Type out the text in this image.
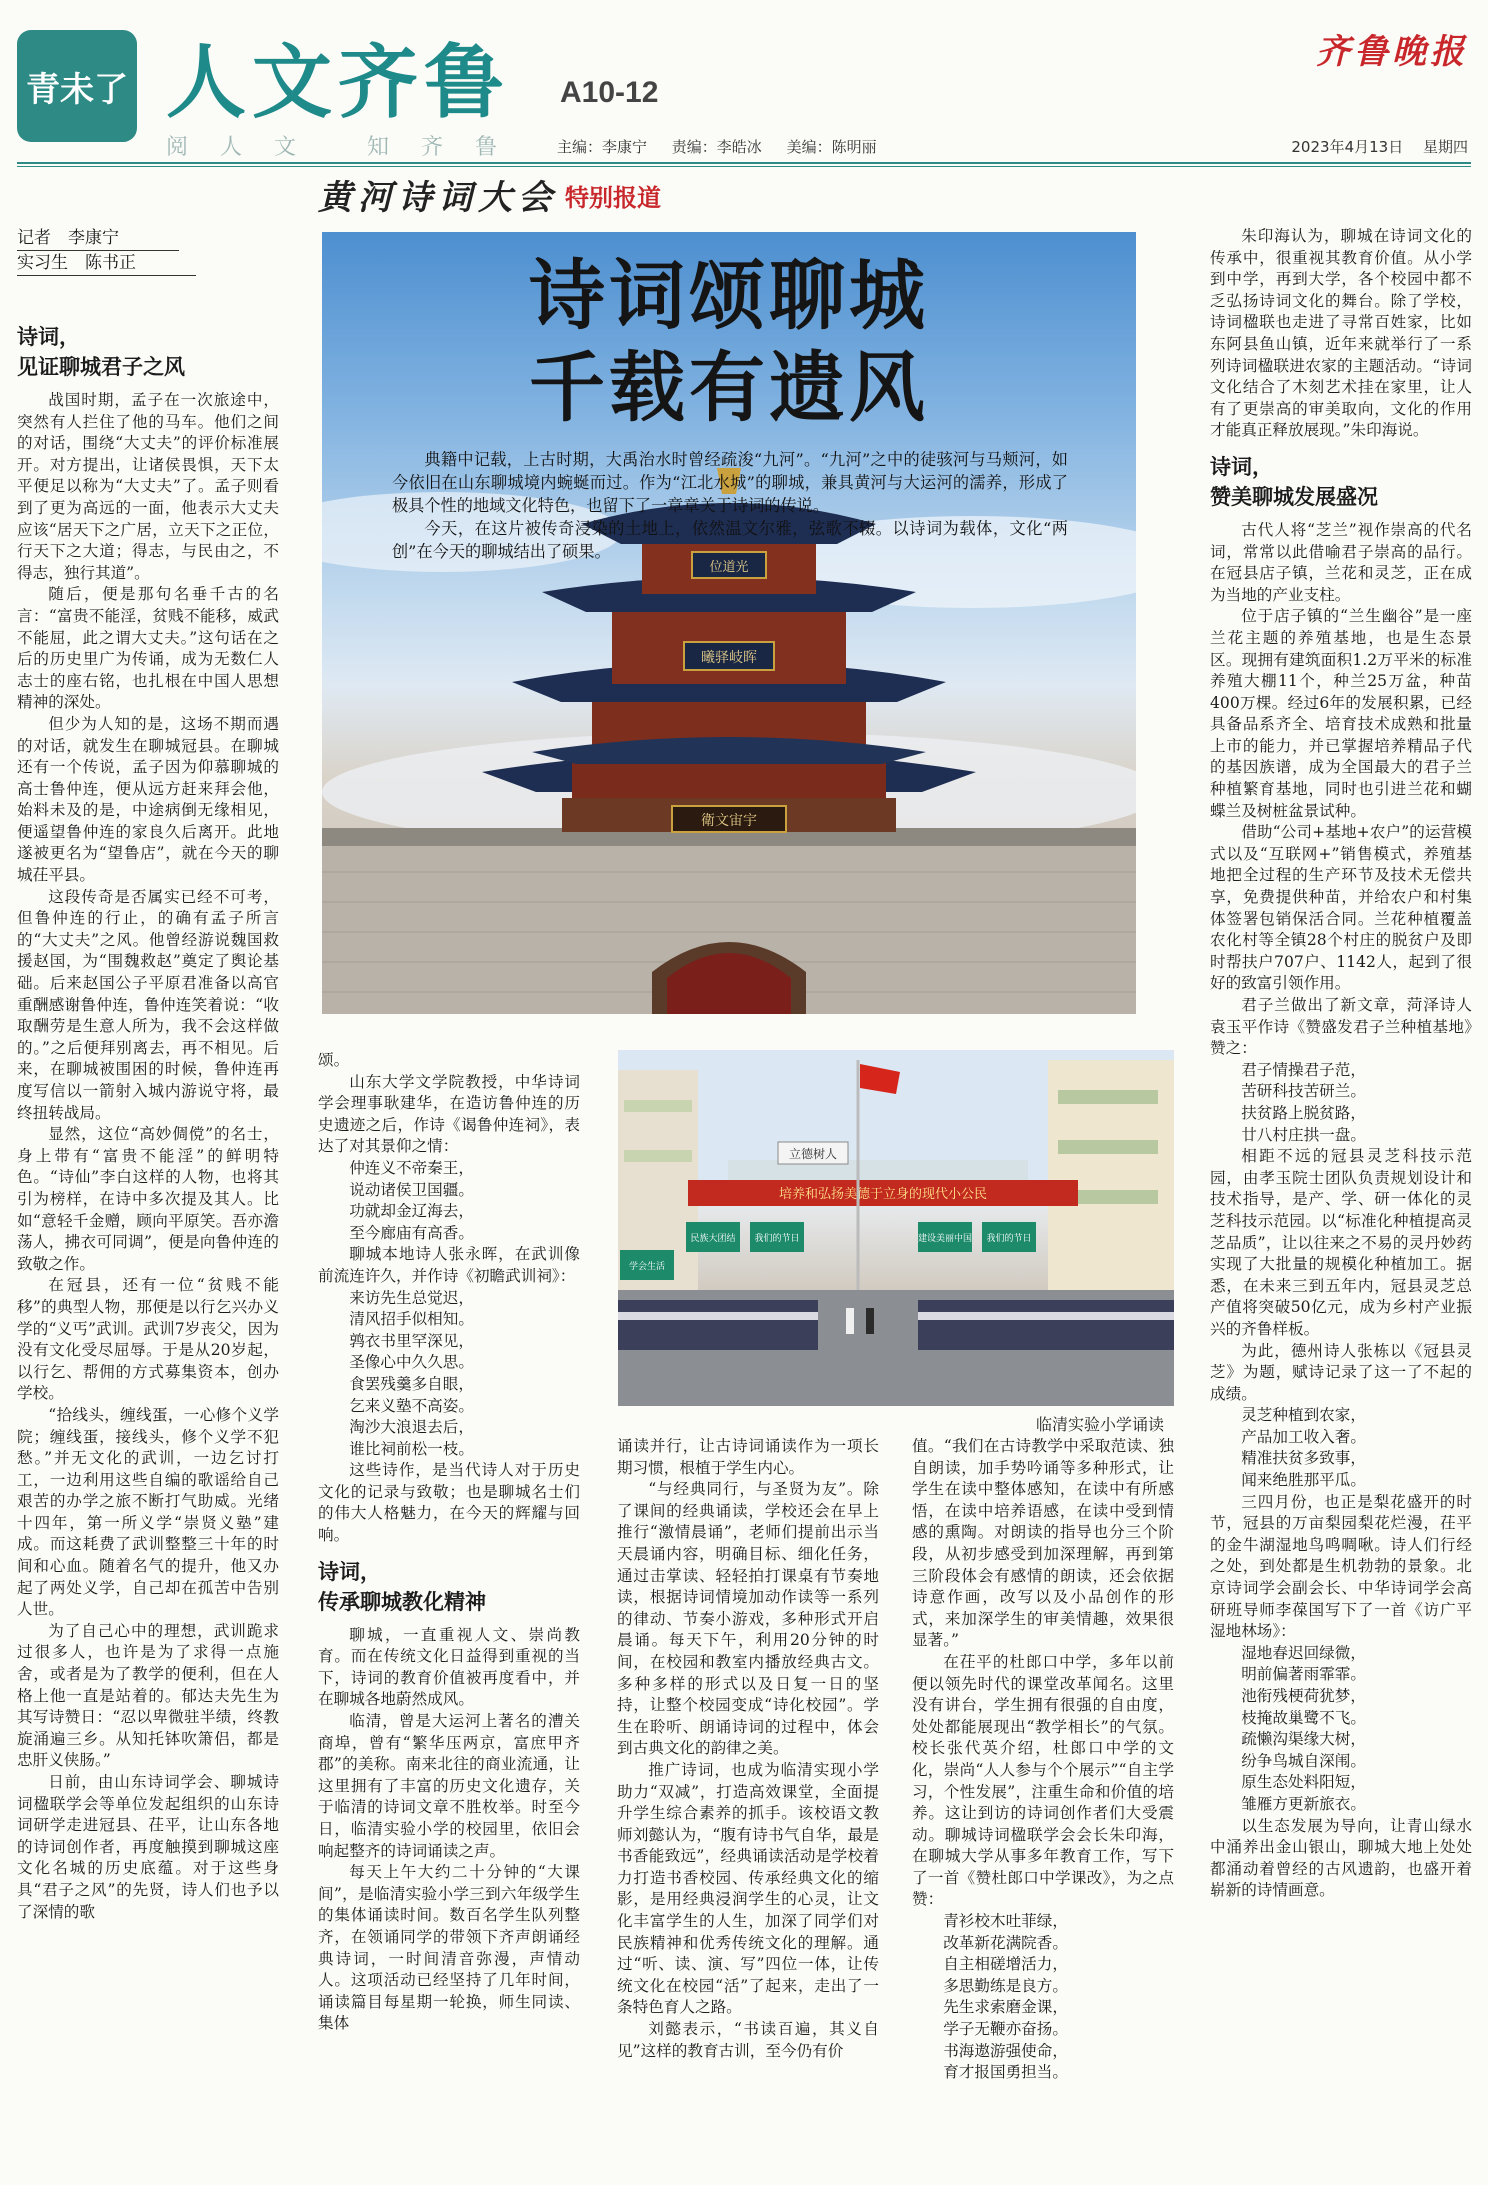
青未了 人文齐鲁 A10-12
阅人文 知齐鲁
齐鲁晚报
主编：李康宁 责编：李皓冰 美编：陈明丽	2023年4月13日　 星期四
黄河诗词大会 特别报道
位道光
曦驿岐晖
衛文宙宇
诗词颂聊城
千载有遗风

典籍中记载，上古时期，大禹治水时曾经疏浚“九河”。“九河”之中的徒骇河与马颊河，如今依旧在山东聊城境内蜿蜒而过。作为“江北水城”的聊城，兼具黄河与大运河的濡养，形成了极具个性的地域文化特色，也留下了一章章关于诗词的传说。

今天，在这片被传奇浸染的土地上，依然温文尔雅，弦歌不辍。以诗词为载体，文化“两创”在今天的聊城结出了硕果。

立德树人
培养和弘扬美德于立身的现代小公民
民族大团结 我们的节日	建设美丽中国 我们的节日
学会生活
临清实验小学诵读
记者　李康宁
实习生　陈书正
诗词，
见证聊城君子之风

战国时期，孟子在一次旅途中，突然有人拦住了他的马车。他们之间的对话，围绕“大丈夫”的评价标准展开。对方提出，让诸侯畏惧，天下太平便足以称为“大丈夫”了。孟子则看到了更为高远的一面，他表示大丈夫应该“居天下之广居，立天下之正位，行天下之大道；得志，与民由之，不得志，独行其道”。

随后，便是那句名垂千古的名言：“富贵不能淫，贫贱不能移，威武不能屈，此之谓大丈夫。”这句话在之后的历史里广为传诵，成为无数仁人志士的座右铭，也扎根在中国人思想精神的深处。

但少为人知的是，这场不期而遇的对话，就发生在聊城冠县。在聊城还有一个传说，孟子因为仰慕聊城的高士鲁仲连，便从远方赶来拜会他，始料未及的是，中途病倒无缘相见，便遥望鲁仲连的家良久后离开。此地遂被更名为“望鲁店”，就在今天的聊城茌平县。

这段传奇是否属实已经不可考，但鲁仲连的行止，的确有孟子所言的“大丈夫”之风。他曾经游说魏国救援赵国，为“围魏救赵”奠定了舆论基础。后来赵国公子平原君准备以高官重酬感谢鲁仲连，鲁仲连笑着说：“收取酬劳是生意人所为，我不会这样做的。”之后便拜别离去，再不相见。后来，在聊城被围困的时候，鲁仲连再度写信以一箭射入城内游说守将，最终扭转战局。

显然，这位“高妙倜傥”的名士，身上带有“富贵不能淫”的鲜明特色。“诗仙”李白这样的人物，也将其引为榜样，在诗中多次提及其人。比如“意轻千金赠，顾向平原笑。吾亦澹荡人，拂衣可同调”，便是向鲁仲连的致敬之作。

在冠县，还有一位“贫贱不能移”的典型人物，那便是以行乞兴办义学的“义丐”武训。武训7岁丧父，因为没有文化受尽屈辱。于是从20岁起，以行乞、帮佣的方式募集资本，创办学校。

“拾线头，缠线蛋，一心修个义学院；缠线蛋，接线头，修个义学不犯愁。”并无文化的武训，一边乞讨打工，一边利用这些自编的歌谣给自己艰苦的办学之旅不断打气助威。光绪十四年，第一所义学“崇贤义塾”建成。而这耗费了武训整整三十年的时间和心血。随着名气的提升，他又办起了两处义学，自己却在孤苦中告别人世。

为了自己心中的理想，武训跪求过很多人，也许是为了求得一点施舍，或者是为了教学的便利，但在人格上他一直是站着的。郁达夫先生为其写诗赞日：“忍以卑微驻半绩，终教旋涌遍三乡。从知托钵吹箫侣，都是忠肝义侠肠。”

日前，由山东诗词学会、聊城诗词楹联学会等单位发起组织的山东诗词研学走进冠县、茌平，让山东各地的诗词创作者，再度触摸到聊城这座文化名城的历史底蕴。对于这些身具“君子之风”的先贤，诗人们也予以了深情的歌

颂。

山东大学文学院教授，中华诗词学会理事耿建华，在造访鲁仲连的历史遗迹之后，作诗《谒鲁仲连祠》，表达了对其景仰之情：

仲连义不帝秦王，

说动诸侯卫国疆。

功就却金辽海去，

至今廊庙有高香。

聊城本地诗人张永晖，在武训像前流连许久，并作诗《初瞻武训祠》：

来访先生总觉迟，

清风招手似相知。

鹑衣书里罕深见，

圣像心中久久思。

食罢残羹多自眼，

乞来义塾不高姿。

淘沙大浪退去后，

谁比祠前松一枝。

这些诗作，是当代诗人对于历史文化的记录与致敬；也是聊城名士们的伟大人格魅力，在今天的辉耀与回响。

诗词，
传承聊城教化精神

聊城，一直重视人文、崇尚教育。而在传统文化日益得到重视的当下，诗词的教育价值被再度看中，并在聊城各地蔚然成风。

临清，曾是大运河上著名的漕关商埠，曾有“繁华压两京，富庶甲齐郡”的美称。南来北往的商业流通，让这里拥有了丰富的历史文化遗存，关于临清的诗词文章不胜枚举。时至今日，临清实验小学的校园里，依旧会响起整齐的诗词诵读之声。

每天上午大约二十分钟的“大课间”，是临清实验小学三到六年级学生的集体诵读时间。数百名学生队列整齐，在领诵同学的带领下齐声朗诵经典诗词，一时间清音弥漫，声情动人。这项活动已经坚持了几年时间，诵读篇目每星期一轮换，师生同读、集体

诵读并行，让古诗词诵读作为一项长期习惯，根植于学生内心。

“与经典同行，与圣贤为友”。除了课间的经典诵读，学校还会在早上推行“激情晨诵”，老师们提前出示当天晨诵内容，明确目标、细化任务，通过击掌读、轻轻拍打课桌有节奏地读，根据诗词情境加动作读等一系列的律动、节奏小游戏，多种形式开启晨诵。每天下午，利用20分钟的时间，在校园和教室内播放经典古文。多种多样的形式以及日复一日的坚持，让整个校园变成“诗化校园”。学生在聆听、朗诵诗词的过程中，体会到古典文化的韵律之美。

推广诗词，也成为临清实现小学助力“双减”，打造高效课堂，全面提升学生综合素养的抓手。该校语文教师刘懿认为，“腹有诗书气自华，最是书香能致远”，经典诵读活动是学校着力打造书香校园、传承经典文化的缩影，是用经典浸润学生的心灵，让文化丰富学生的人生，加深了同学们对民族精神和优秀传统文化的理解。通过“听、读、演、写”四位一体，让传统文化在校园“活”了起来，走出了一条特色育人之路。

刘懿表示，“书读百遍，其义自见”这样的教育古训，至今仍有价

值。“我们在古诗教学中采取范读、独自朗读，加手势吟诵等多种形式，让学生在读中整体感知，在读中有所感悟，在读中培养语感，在读中受到情感的熏陶。对朗读的指导也分三个阶段，从初步感受到加深理解，再到第三阶段体会有感情的朗读，还会依据诗意作画，改写以及小品创作的形式，来加深学生的审美情趣，效果很显著。”

在茌平的杜郎口中学，多年以前便以领先时代的课堂改革闻名。这里没有讲台，学生拥有很强的自由度，处处都能展现出“教学相长”的气氛。校长张代英介绍，杜郎口中学的文化，崇尚“人人参与个个展示”“自主学习，个性发展”，注重生命和价值的培养。这让到访的诗词创作者们大受震动。聊城诗词楹联学会会长朱印海，在聊城大学从事多年教育工作，写下了一首《赞杜郎口中学课改》，为之点赞：

青衫校木吐菲绿，

改革新花满院香。

自主相磋增活力，

多思勤练是良方。

先生求索磨金课，

学子无鞭亦奋扬。

书海遨游强使命，

育才报国勇担当。

朱印海认为，聊城在诗词文化的传承中，很重视其教育价值。从小学到中学，再到大学，各个校园中都不乏弘扬诗词文化的舞台。除了学校，诗词楹联也走进了寻常百姓家，比如东阿县鱼山镇，近年来就举行了一系列诗词楹联进农家的主题活动。“诗词文化结合了木刻艺术挂在家里，让人有了更崇高的审美取向，文化的作用才能真正释放展现。”朱印海说。

诗词，
赞美聊城发展盛况

古代人将“芝兰”视作崇高的代名词，常常以此借喻君子崇高的品行。在冠县店子镇，兰花和灵芝，正在成为当地的产业支柱。

位于店子镇的“兰生幽谷”是一座兰花主题的养殖基地，也是生态景区。现拥有建筑面积1.2万平米的标准养殖大棚11个，种兰25万盆，种苗400万棵。经过6年的发展积累，已经具备品系齐全、培育技术成熟和批量上市的能力，并已掌握培养精品子代的基因族谱，成为全国最大的君子兰种植繁育基地，同时也引进兰花和蝴蝶兰及树桩盆景试种。

借助“公司+基地+农户”的运营模式以及“互联网+”销售模式，养殖基地把全过程的生产环节及技术无偿共享，免费提供种苗，并给农户和村集体签署包销保活合同。兰花种植覆盖农化村等全镇28个村庄的脱贫户及即时帮扶户707户、1142人，起到了很好的致富引领作用。

君子兰做出了新文章，菏泽诗人袁玉平作诗《赞盛发君子兰种植基地》赞之：

君子情操君子范，

苦研科技苦研兰。

扶贫路上脱贫路，

廿八村庄拱一盘。

相距不远的冠县灵芝科技示范园，由孝玉院士团队负责规划设计和技术指导，是产、学、研一体化的灵芝科技示范园。以“标准化种植提高灵芝品质”，让以往来之不易的灵丹妙药实现了大批量的规模化种植加工。据悉，在未来三到五年内，冠县灵芝总产值将突破50亿元，成为乡村产业振兴的齐鲁样板。

为此，德州诗人张栋以《冠县灵芝》为题，赋诗记录了这一了不起的成绩。

灵芝种植到农家，

产品加工收入奢。

精准扶贫多致事，

闻来绝胜那平瓜。

三四月份，也正是梨花盛开的时节，冠县的万亩梨园梨花烂漫，茌平的金牛湖湿地鸟鸣啁啾。诗人们行经之处，到处都是生机勃勃的景象。北京诗词学会副会长、中华诗词学会高研班导师李葆国写下了一首《访广平湿地林场》：

湿地春迟回绿微，

明前偏著雨霏霏。

池衔残梗荷犹梦，

枝掩故巢鹭不飞。

疏懒沟渠缘大树，

纷争鸟城自深闱。

原生态处料阳短，

雏雁方更新旅衣。

以生态发展为导向，让青山绿水中涌养出金山银山，聊城大地上处处都涌动着曾经的古风遗韵，也盛开着崭新的诗情画意。
